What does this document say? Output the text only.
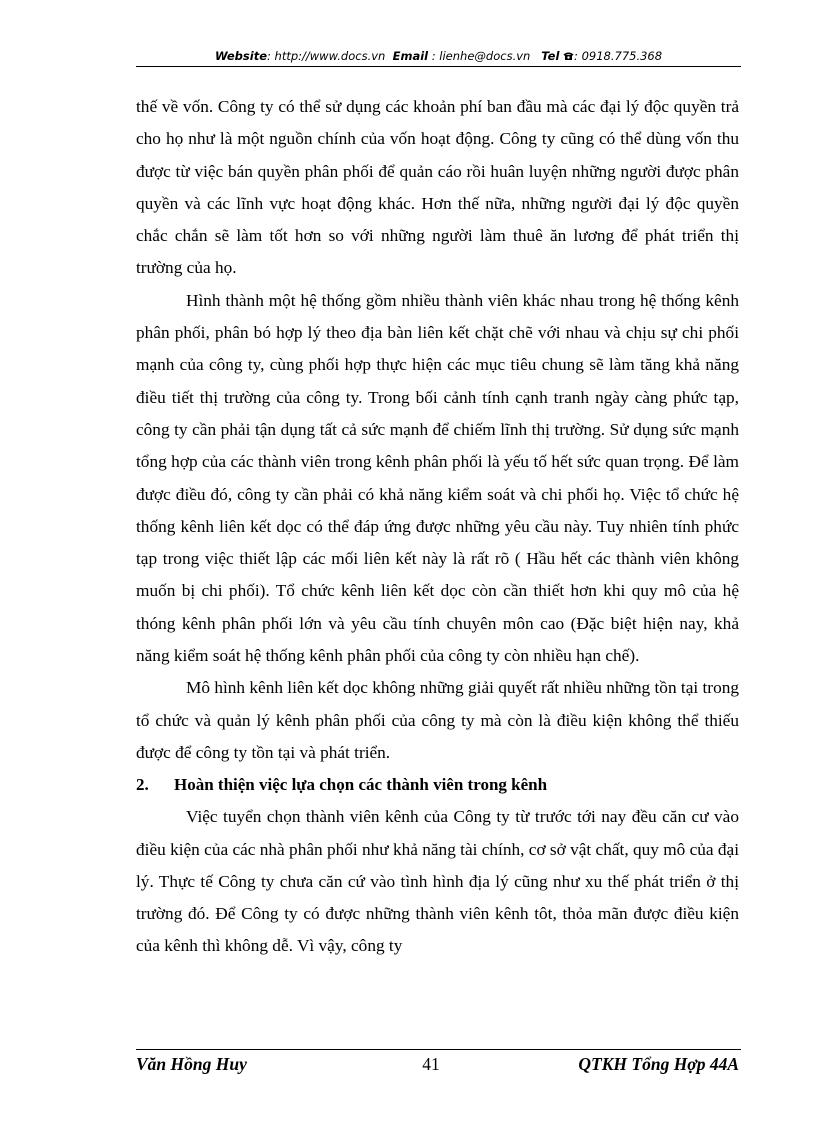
Website: http://www.docs.vn Email : lienhe@docs.vn Tel : 0918.775.368

thế về vốn. Công ty có thể sử dụng các khoản phí ban đầu mà các đại lý độc quyền trả cho họ như là một nguồn chính của vốn hoạt động. Công ty cũng có thể dùng vốn thu được từ việc bán quyền phân phối để quản cáo rồi huân luyện những người được phân quyền và các lĩnh vực hoạt động khác. Hơn thế nữa, những người đại lý độc quyền chắc chắn sẽ làm tốt hơn so với những người làm thuê ăn lương để phát triển thị trường của họ.

Hình thành một hệ thống gồm nhiều thành viên khác nhau trong hệ thống kênh phân phối, phân bó hợp lý theo địa bàn liên kết chặt chẽ với nhau và chịu sự chi phối mạnh của công ty, cùng phối hợp thực hiện các mục tiêu chung sẽ làm tăng khả năng điều tiết thị trường của công ty. Trong bối cảnh tính cạnh tranh ngày càng phức tạp, công ty cần phải tận dụng tất cả sức mạnh để chiếm lĩnh thị trường. Sử dụng sức mạnh tổng hợp của các thành viên trong kênh phân phối là yếu tố hết sức quan trọng. Để làm được điều đó, công ty cần phải có khả năng kiểm soát và chi phối họ. Việc tổ chức hệ thống kênh liên kết dọc có thể đáp ứng được những yêu cầu này. Tuy nhiên tính phức tạp trong việc thiết lập các mối liên kết này là rất rõ ( Hầu hết các thành viên không muốn bị chi phối). Tổ chức kênh liên kết dọc còn cần thiết hơn khi quy mô của hệ thóng kênh phân phối lớn và yêu cầu tính chuyên môn cao (Đặc biệt hiện nay, khả năng kiểm soát hệ thống kênh phân phối của công ty còn nhiều hạn chế).

Mô hình kênh liên kết dọc không những giải quyết rất nhiều những tồn tại trong tổ chức và quản lý kênh phân phối của công ty mà còn là điều kiện không thể thiếu được để công ty tồn tại và phát triển.

2. Hoàn thiện việc lựa chọn các thành viên trong kênh

Việc tuyển chọn thành viên kênh của Công ty từ trước tới nay đều căn cư vào điều kiện của các nhà phân phối như khả năng tài chính, cơ sở vật chất, quy mô của đại lý. Thực tế Công ty chưa căn cứ vào tình hình địa lý cũng như xu thế phát triển ở thị trường đó. Để Công ty có được những thành viên kênh tôt, thỏa mãn được điều kiện của kênh thì không dễ. Vì vậy, công ty

Văn Hồng Huy	41	QTKH Tổng Hợp 44A
